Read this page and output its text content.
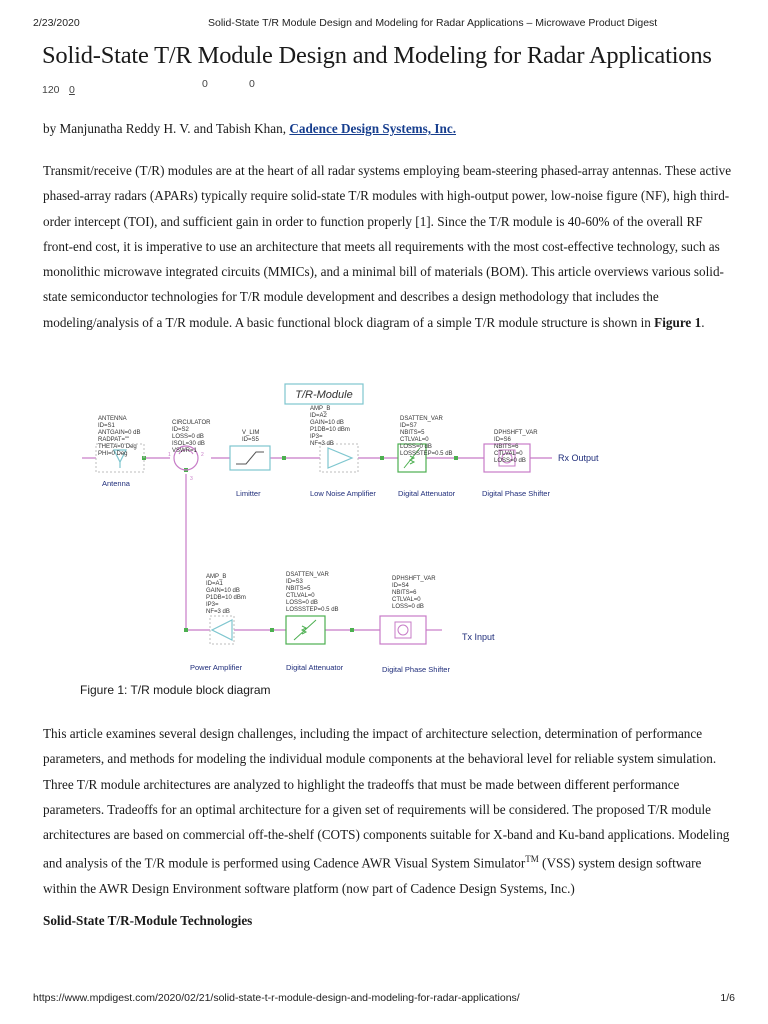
2/23/2020	Solid-State T/R Module Design and Modeling for Radar Applications – Microwave Product Digest
Solid-State T/R Module Design and Modeling for Radar Applications
120 0	0	0
by Manjunatha Reddy H. V. and Tabish Khan, Cadence Design Systems, Inc.

Transmit/receive (T/R) modules are at the heart of all radar systems employing beam-steering phased-array antennas. These active phased-array radars (APARs) typically require solid-state T/R modules with high-output power, low-noise figure (NF), high third-order intercept (TOI), and sufficient gain in order to function properly [1]. Since the T/R module is 40-60% of the overall RF front-end cost, it is imperative to use an architecture that meets all requirements with the most cost-effective technology, such as monolithic microwave integrated circuits (MMICs), and a minimal bill of materials (BOM). This article overviews various solid-state semiconductor technologies for T/R module development and describes a design methodology that includes the modeling/analysis of a T/R module. A basic functional block diagram of a simple T/R module structure is shown in Figure 1.

T/R-Module
ANTENNA ID=S1 ANTGAIN=0 dB RADPAT="" THETA=0 Deg PHI=0 Deg
Antenna
CIRCULATOR ID=S2 LOSS=0 dB ISOL=30 dB VSWR=1
1	2
3
V_LIM ID=S5
Limitter
AMP_B ID=A2 GAIN=10 dB P1DB=10 dBm IP3= NF=3 dB
Low Noise Amplifier
DSATTEN_VAR ID=S7 NBITS=5 CTLVAL=0 LOSS=0 dB LOSSSTEP=0.5 dB
Digital Attenuator
DPHSHFT_VAR ID=S6 NBITS=6 CTLVAL=0 LOSS=0 dB
Digital Phase Shifter
Rx Output
AMP_B ID=A1 GAIN=10 dB P1DB=10 dBm IP3= NF=3 dB
Power Amplifier
DSATTEN_VAR ID=S3 NBITS=5 CTLVAL=0 LOSS=0 dB LOSSSTEP=0.5 dB
Digital Attenuator
DPHSHFT_VAR ID=S4 NBITS=6 CTLVAL=0 LOSS=0 dB
Digital Phase Shifter
Tx Input
Figure 1: T/R module block diagram

This article examines several design challenges, including the impact of architecture selection, determination of performance parameters, and methods for modeling the individual module components at the behavioral level for reliable system simulation. Three T/R module architectures are analyzed to highlight the tradeoffs that must be made between different performance parameters. Tradeoffs for an optimal architecture for a given set of requirements will be considered. The proposed T/R module architectures are based on commercial off-the-shelf (COTS) components suitable for X-band and Ku-band applications. Modeling and analysis of the T/R module is performed using Cadence AWR Visual System Simulator™ (VSS) system design software within the AWR Design Environment software platform (now part of Cadence Design Systems, Inc.)

Solid-State T/R-Module Technologies
https://www.mpdigest.com/2020/02/21/solid-state-t-r-module-design-and-modeling-for-radar-applications/	1/6
